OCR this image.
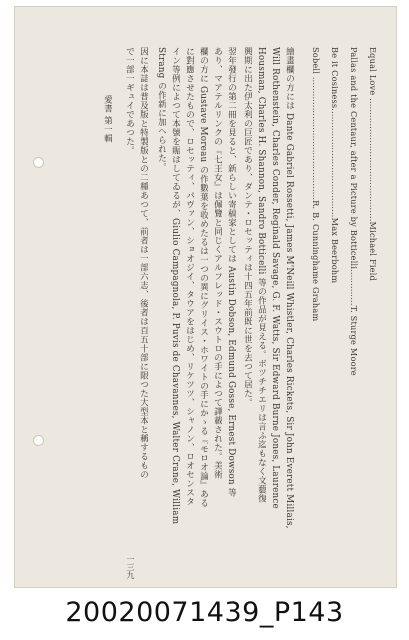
Equal Love ............................................Michael Field
Pallas and the Centaur, after a Picture by Botticelli.............T. Sturge Moore
Be it Cosiness.......................................Max Beerbohm
Sobell ............................................R. B. Cunninghame Graham
繪畫欄の方には Dante Gabriel Rossetti, James M'Neill Whistler, Charles Rickets, Sir John Everett Millais,
Will Rothenstein, Charles Conder, Reginald Savage, G. F. Watts, Sir Edward Burne Jones, Laurence
Housman, Charles H. Shannon, Sandro Botticelli 等の作品が見える。ボツチチエリは言ふ迄もなく文藝復
興期に出た伊太利の巨匠であり、ダンテ・ロセッティは十四五年前既に世を去つて居た。
翌年發行の第二冊を見ると、新らしい寄稿家としては Austin Dobson, Edmund Gosse, Ernest Dowson 等
あり、マアテルリンクの『七王女』は佩覽と同じくアルフレッド・スウトロの手によつて譯載された。美術
欄の方に Gustave Moreau の作數葉を收めたるは一つの異にグリイス・ホワイトの手にかゝる『モロオ論』ある
に對應させたもので、ロセッティ、パヴァン、ショオジイ、タウアをはじめ、リケツツ、シャノン、ロオセンスタ
イン等例によつて本號を賑はしてゐるが、Giulio Campagnola, P. Puvis de Chavannes, Walter Crane, William
Strang の作新に加へられた。
因に本誌は普及版と特製版との二種あつて、前者は一部六志、後者は百五十部に限つた大型本と稱するもの
で一部一ギュイであつた。
愛書 第一輯
一三九
20020071439_P143
